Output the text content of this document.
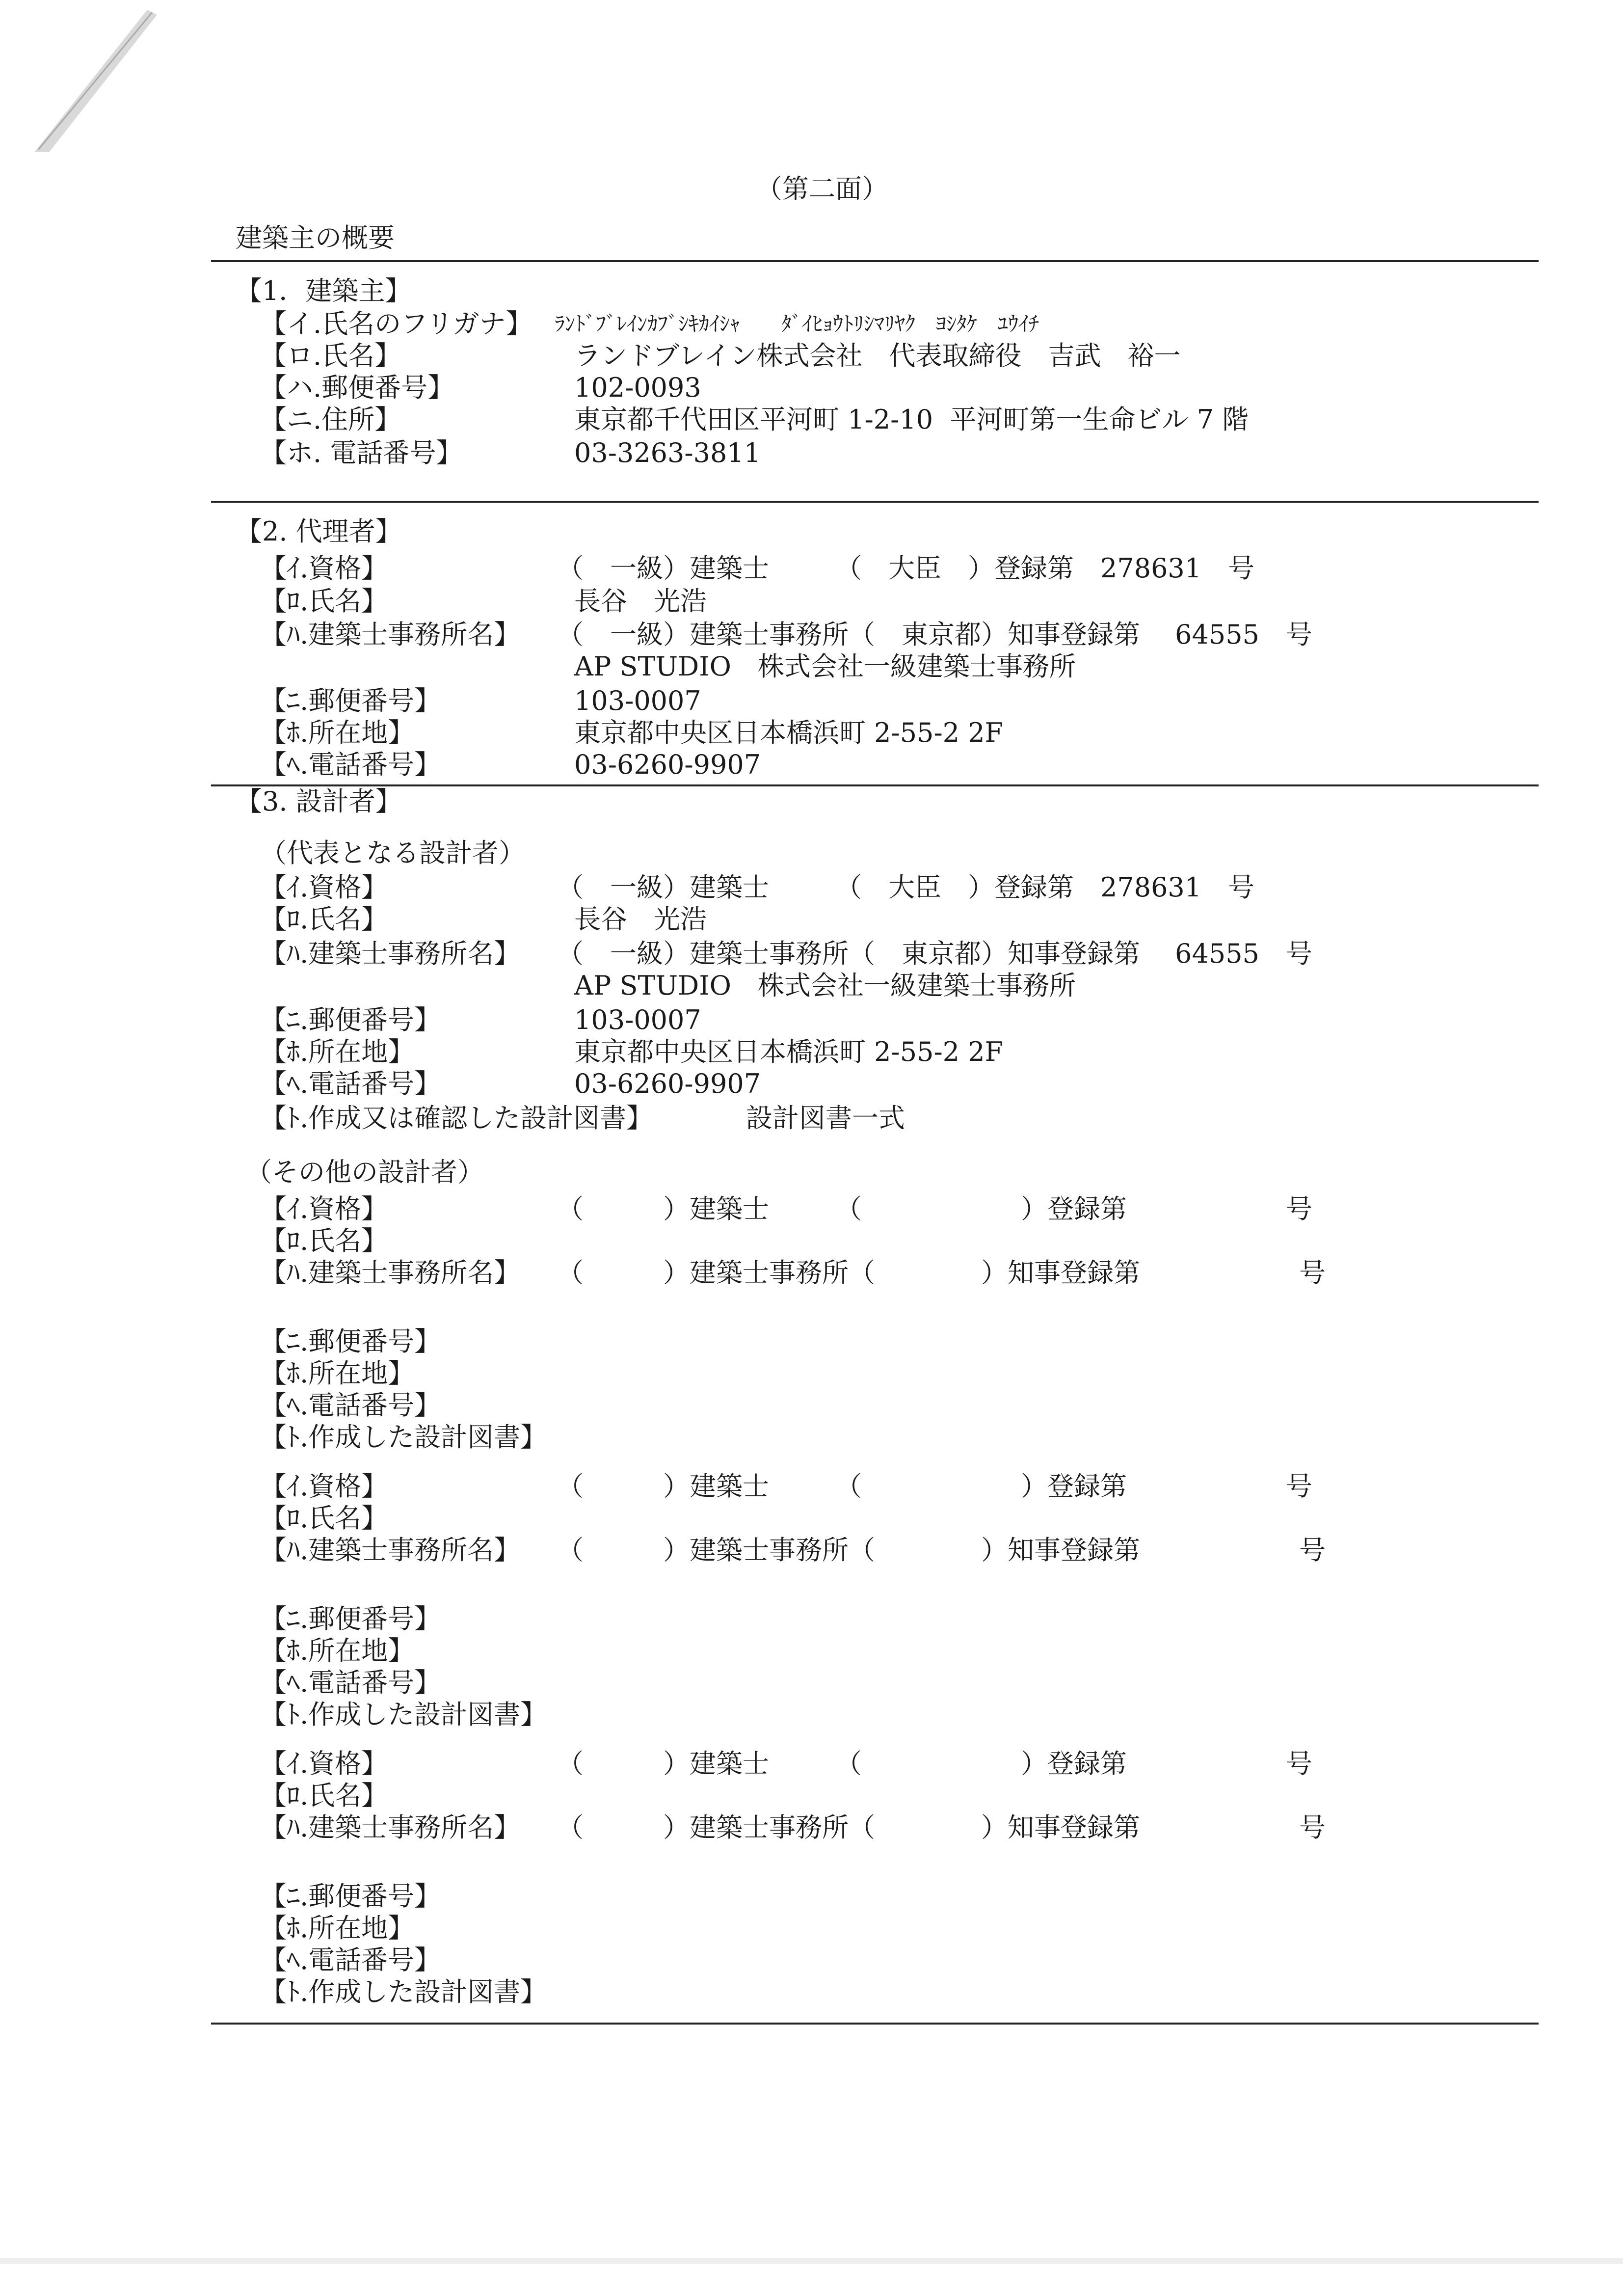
（第二面）
建築主の概要
【1．建築主】
【イ.氏名のフリガナ】 ﾗﾝﾄﾞﾌﾞﾚｲﾝｶﾌﾞｼｷｶｲｼｬ　　ﾀﾞｲﾋｮｳﾄﾘｼﾏﾘﾔｸ　ﾖｼﾀｹ　ﾕｳｲﾁ
【ロ.氏名】	ランドブレイン株式会社　代表取締役　吉武　裕一
【ハ.郵便番号】	102-0093
【ニ.住所】	東京都千代田区平河町 1-2-10  平河町第一生命ビル 7 階
【ホ. 電話番号】	03-3263-3811
【2. 代理者】
【ｲ.資格】	（　一級）建築士　　　（　大臣　）登録第　278631　号
【ﾛ.氏名】	長谷　光浩
【ﾊ.建築士事務所名】 （　一級）建築士事務所（　東京都）知事登録第　 64555　号
AP STUDIO　株式会社一級建築士事務所
【ﾆ.郵便番号】	103-0007
【ﾎ.所在地】	東京都中央区日本橋浜町 2-55-2 2F
【ﾍ.電話番号】	03-6260-9907
【3. 設計者】
（代表となる設計者）
【ｲ.資格】	（　一級）建築士　　　（　大臣　）登録第　278631　号
【ﾛ.氏名】	長谷　光浩
【ﾊ.建築士事務所名】 （　一級）建築士事務所（　東京都）知事登録第　 64555　号
AP STUDIO　株式会社一級建築士事務所
【ﾆ.郵便番号】	103-0007
【ﾎ.所在地】	東京都中央区日本橋浜町 2-55-2 2F
【ﾍ.電話番号】	03-6260-9907
【ﾄ.作成又は確認した設計図書】	設計図書一式
（その他の設計者）
【ｲ.資格】	（　　　）建築士　　　（　　　　　　）登録第　　　　　　号
【ﾛ.氏名】
【ﾊ.建築士事務所名】 （　　　）建築士事務所（　　　　）知事登録第　　　　　　号
【ﾆ.郵便番号】
【ﾎ.所在地】
【ﾍ.電話番号】
【ﾄ.作成した設計図書】
【ｲ.資格】	（　　　）建築士　　　（　　　　　　）登録第　　　　　　号
【ﾛ.氏名】
【ﾊ.建築士事務所名】 （　　　）建築士事務所（　　　　）知事登録第　　　　　　号
【ﾆ.郵便番号】
【ﾎ.所在地】
【ﾍ.電話番号】
【ﾄ.作成した設計図書】
【ｲ.資格】	（　　　）建築士　　　（　　　　　　）登録第　　　　　　号
【ﾛ.氏名】
【ﾊ.建築士事務所名】 （　　　）建築士事務所（　　　　）知事登録第　　　　　　号
【ﾆ.郵便番号】
【ﾎ.所在地】
【ﾍ.電話番号】
【ﾄ.作成した設計図書】
